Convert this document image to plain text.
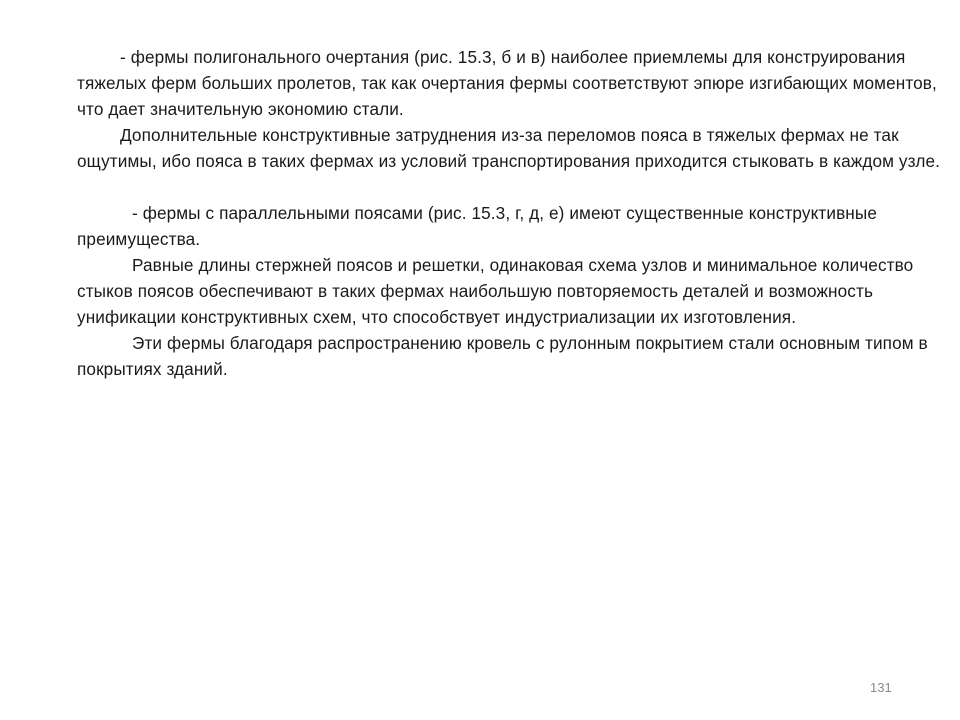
- фермы полигонального очертания (рис. 15.3, б и в) наиболее приемлемы для конструирования тяжелых ферм больших пролетов, так как очертания фермы соответствуют эпюре изгибающих моментов, что дает значительную экономию стали.

Дополнительные конструктивные затруднения из-за переломов пояса в тяжелых фермах не так ощутимы, ибо пояса в таких фермах из условий транспортирования приходится стыковать в каждом узле.

- фермы с параллельными поясами (рис. 15.3, г, д, е) имеют существенные конструктивные преимущества.

Равные длины стержней поясов и решетки, одинаковая схема узлов и минимальное количество стыков поясов обеспечивают в таких фермах наибольшую повторяемость деталей и возможность унификации конструктивных схем, что способствует индустриализации их изготовления.

Эти фермы благодаря распространению кровель с рулонным покрытием стали основным типом в покрытиях зданий.

131
